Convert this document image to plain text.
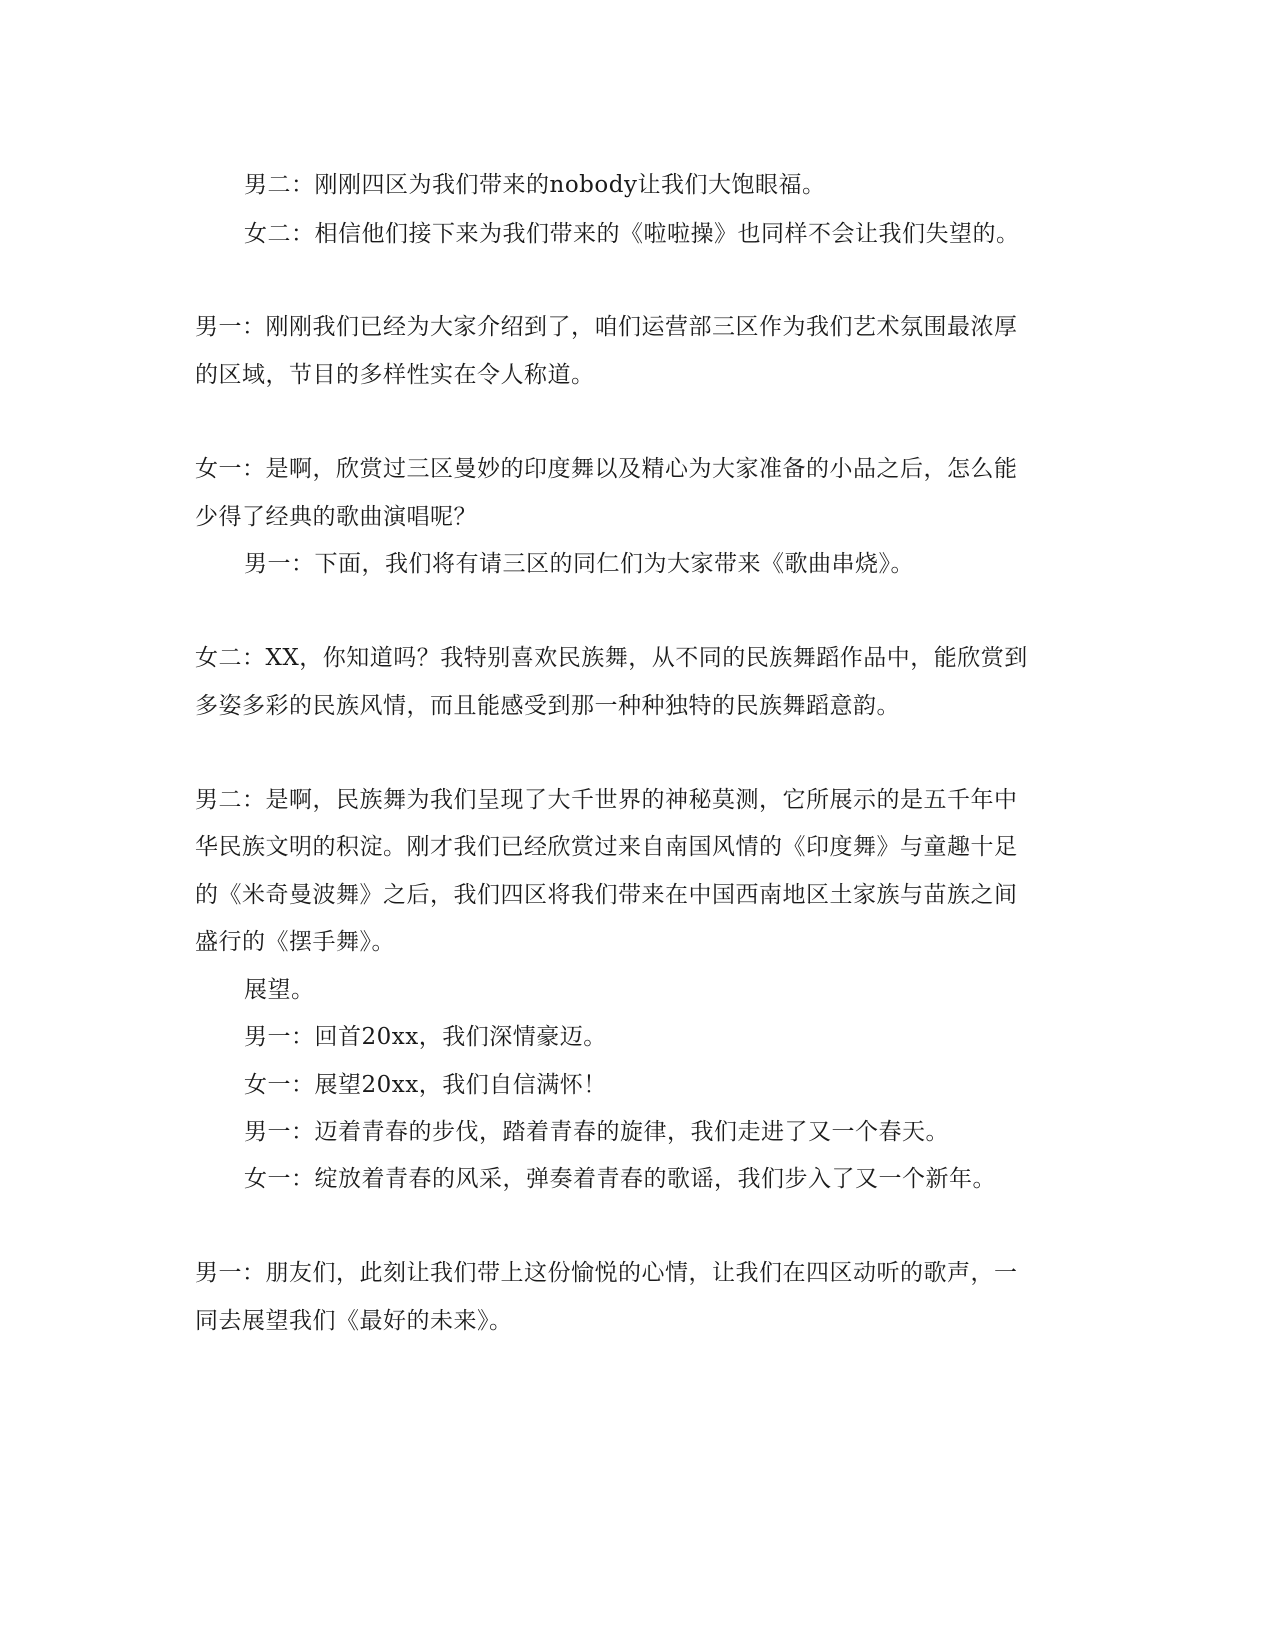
男二：刚刚四区为我们带来的nobody让我们大饱眼福。
女二：相信他们接下来为我们带来的《啦啦操》也同样不会让我们失望的。
男一：刚刚我们已经为大家介绍到了，咱们运营部三区作为我们艺术氛围最浓厚
的区域，节目的多样性实在令人称道。
女一：是啊，欣赏过三区曼妙的印度舞以及精心为大家准备的小品之后，怎么能
少得了经典的歌曲演唱呢？
男一：下面，我们将有请三区的同仁们为大家带来《歌曲串烧》。
女二：XX，你知道吗？我特别喜欢民族舞，从不同的民族舞蹈作品中，能欣赏到
多姿多彩的民族风情，而且能感受到那一种种独特的民族舞蹈意韵。
男二：是啊，民族舞为我们呈现了大千世界的神秘莫测，它所展示的是五千年中
华民族文明的积淀。刚才我们已经欣赏过来自南国风情的《印度舞》与童趣十足
的《米奇曼波舞》之后，我们四区将我们带来在中国西南地区土家族与苗族之间
盛行的《摆手舞》。
展望。
男一：回首20xx，我们深情豪迈。
女一：展望20xx，我们自信满怀！
男一：迈着青春的步伐，踏着青春的旋律，我们走进了又一个春天。
女一：绽放着青春的风采，弹奏着青春的歌谣，我们步入了又一个新年。
男一：朋友们，此刻让我们带上这份愉悦的心情，让我们在四区动听的歌声，一
同去展望我们《最好的未来》。
